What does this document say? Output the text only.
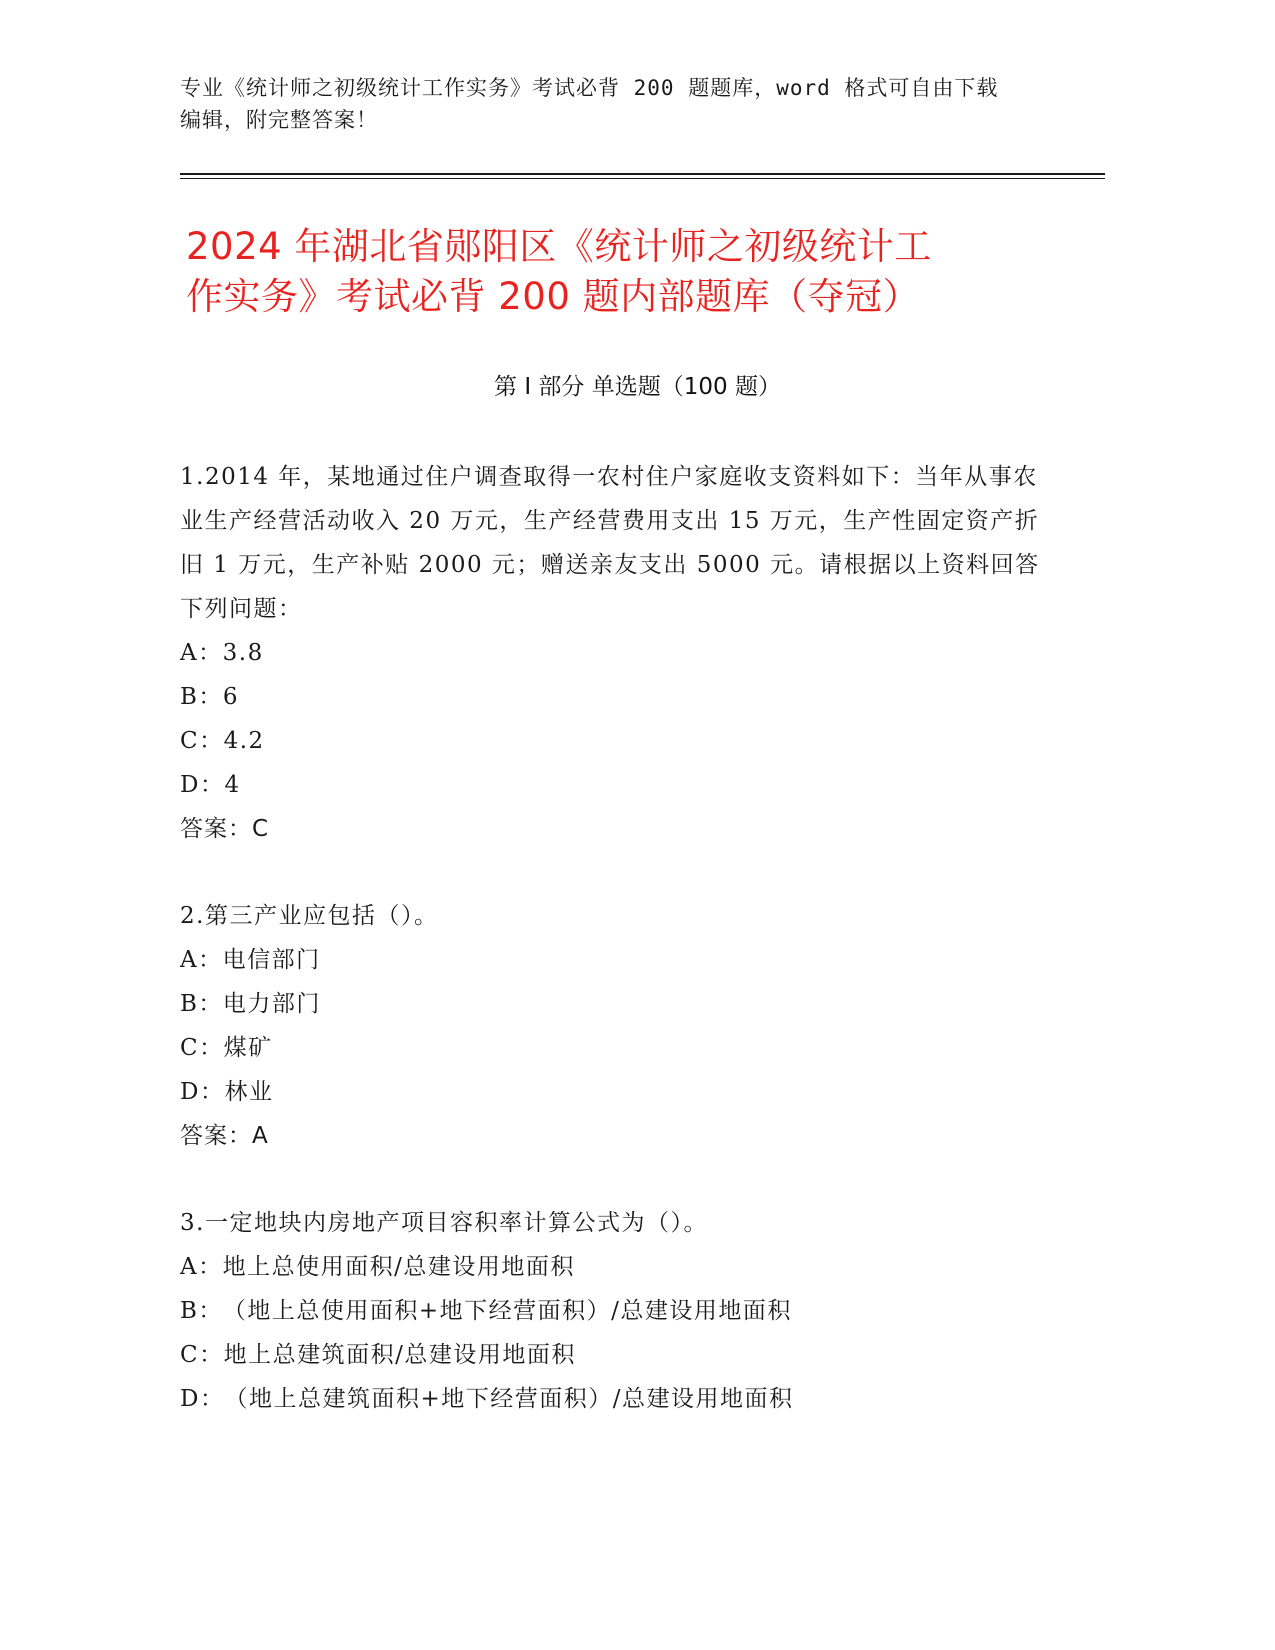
专业《统计师之初级统计工作实务》考试必背 200 题题库，word 格式可自由下载
编辑，附完整答案！
2024 年湖北省郧阳区《统计师之初级统计工
作实务》考试必背 200 题内部题库（夺冠）
第 I 部分 单选题（100 题）
1.2014 年，某地通过住户调查取得一农村住户家庭收支资料如下：当年从事农业生产经营活动收入 20 万元，生产经营费用支出 15 万元，生产性固定资产折旧 1 万元，生产补贴 2000 元；赠送亲友支出 5000 元。请根据以上资料回答下列问题：
A：3.8
B：6
C：4.2
D：4
答案：C
2.第三产业应包括（）。
A：电信部门
B：电力部门
C：煤矿
D：林业
答案：A
3.一定地块内房地产项目容积率计算公式为（）。
A：地上总使用面积/总建设用地面积
B：（地上总使用面积+地下经营面积）/总建设用地面积
C：地上总建筑面积/总建设用地面积
D：（地上总建筑面积+地下经营面积）/总建设用地面积
